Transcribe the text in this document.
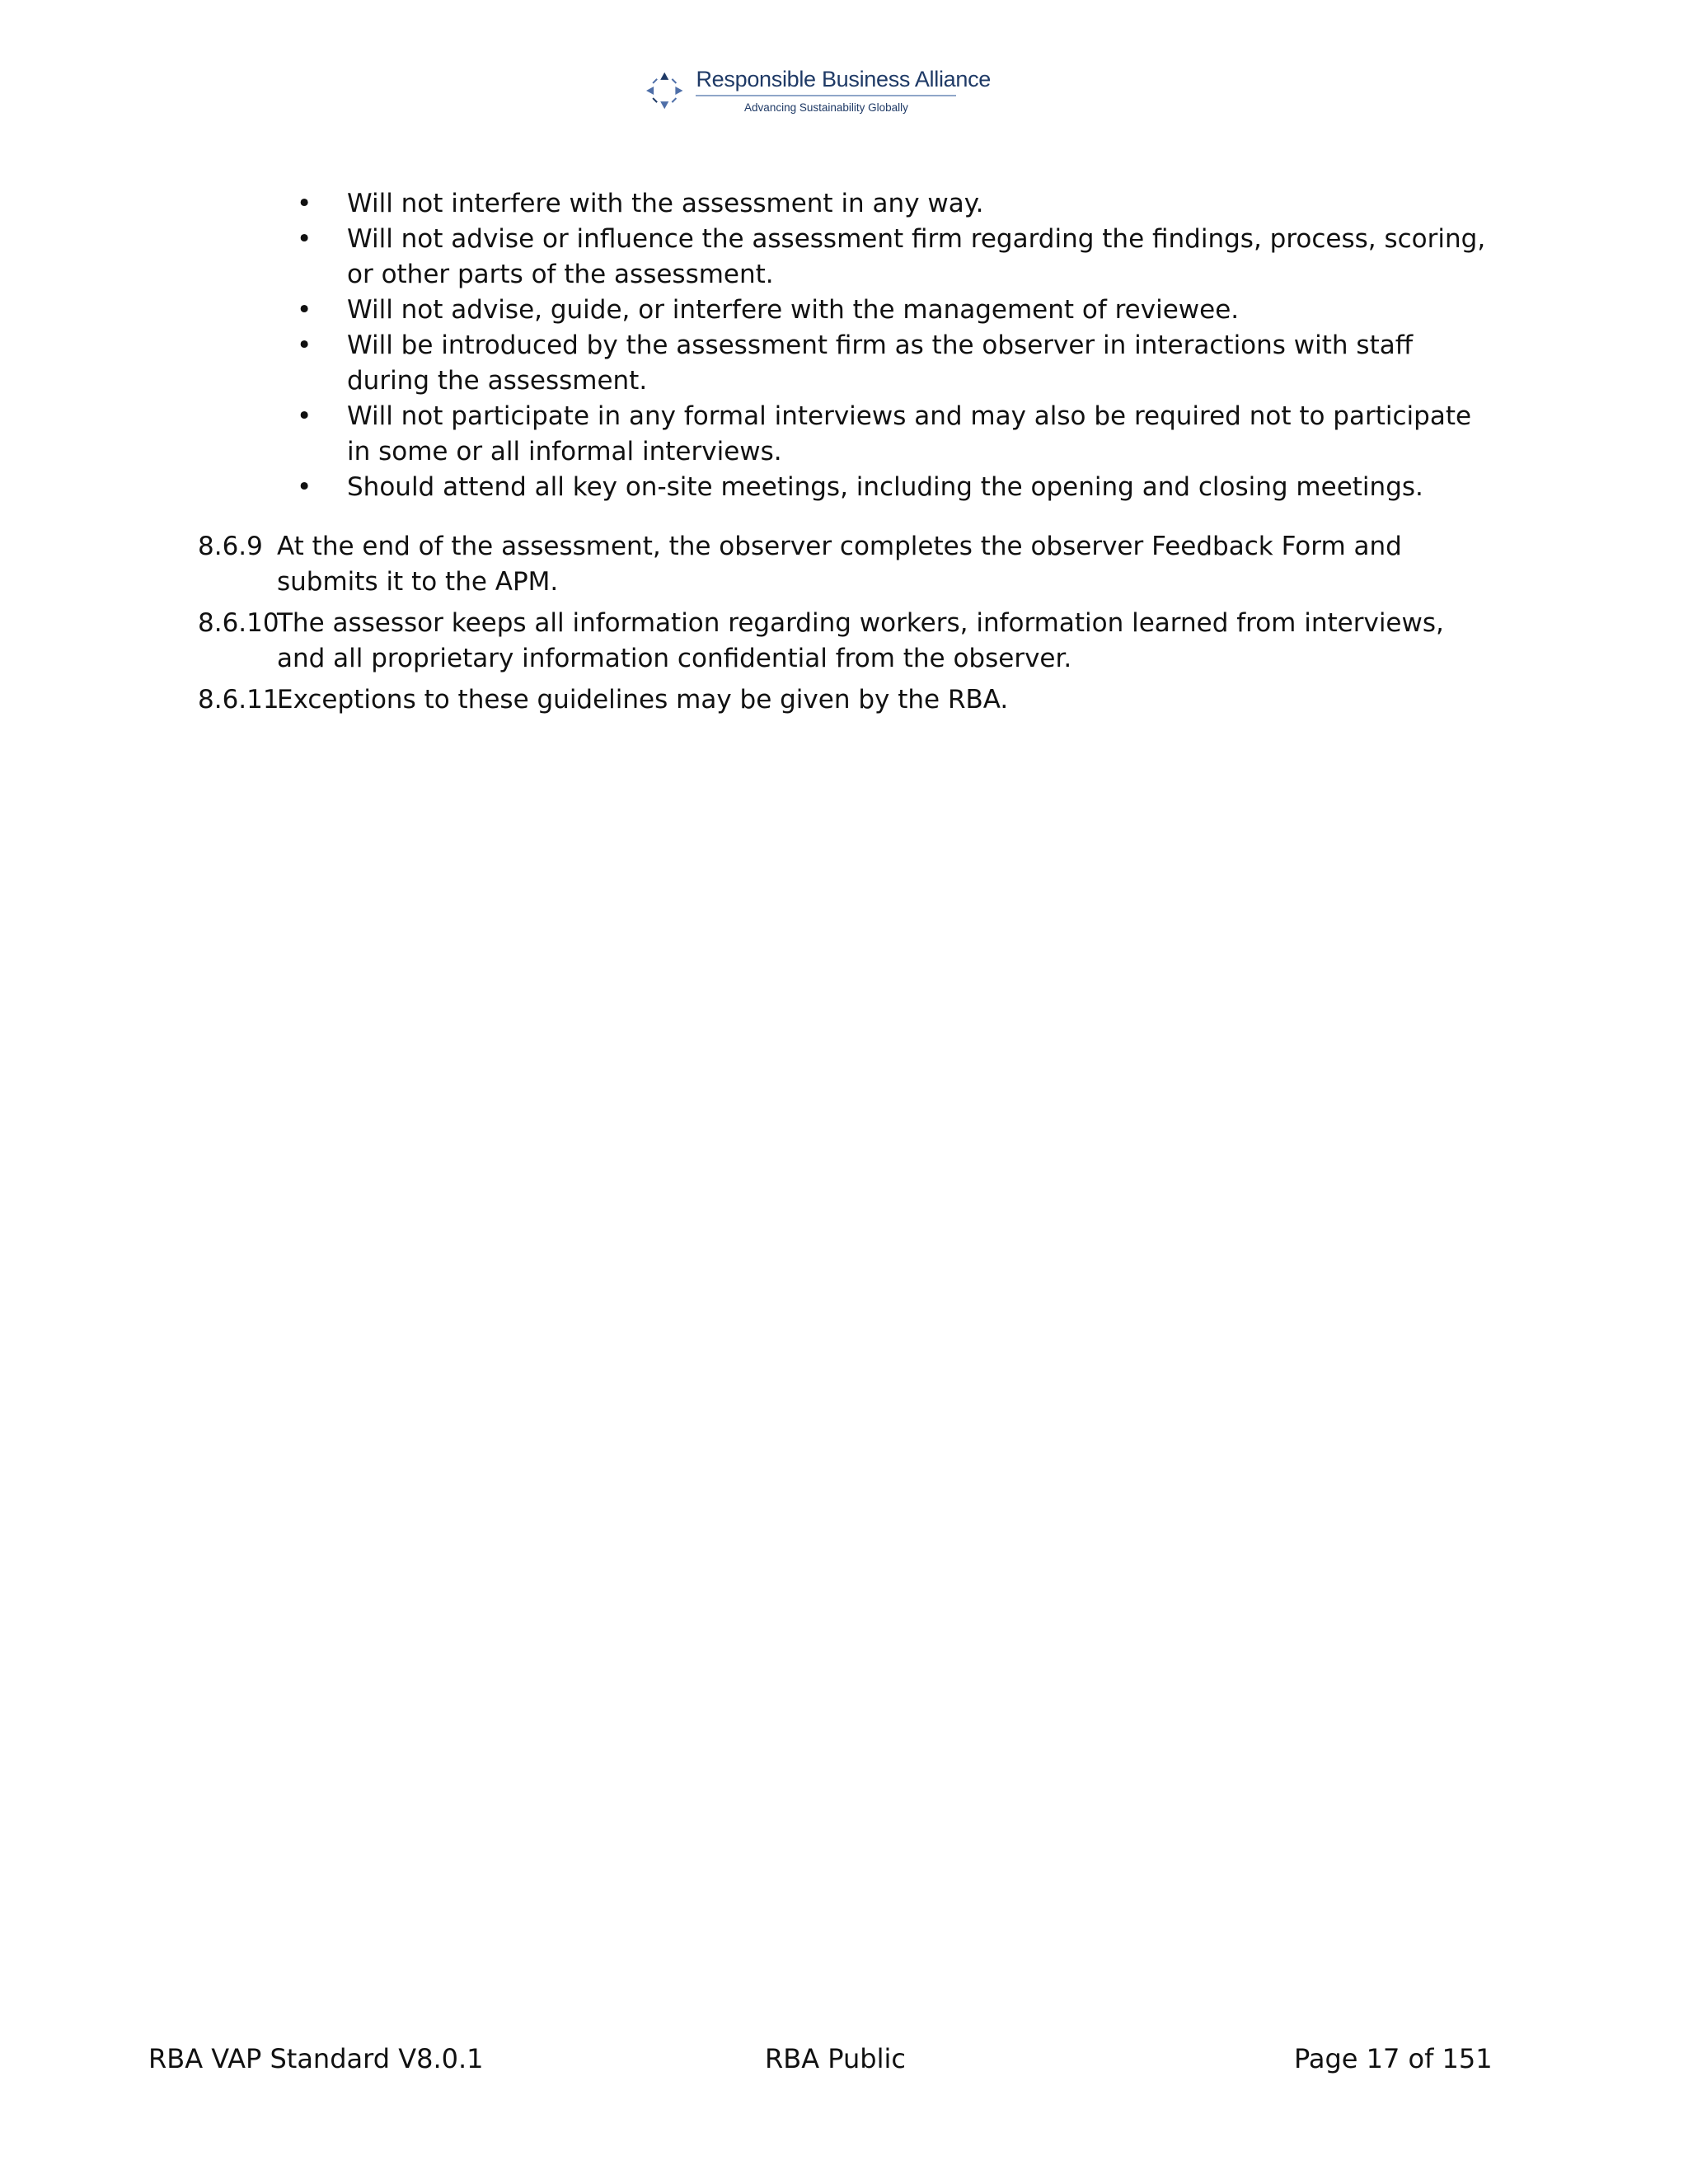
Responsible Business Alliance
Advancing Sustainability Globally
•	Will not interfere with the assessment in any way.
•	Will not advise or influence the assessment firm regarding the findings, process, scoring, or other parts of the assessment.
•	Will not advise, guide, or interfere with the management of reviewee.
•	Will be introduced by the assessment firm as the observer in interactions with staff during the assessment.
•	Will not participate in any formal interviews and may also be required not to participate in some or all informal interviews.
•	Should attend all key on-site meetings, including the opening and closing meetings.
8.6.9 At the end of the assessment, the observer completes the observer Feedback Form and submits it to the APM.
8.6.10
The assessor keeps all information regarding workers, information learned from interviews, and all proprietary information confidential from the observer.
8.6.11
Exceptions to these guidelines may be given by the RBA.
RBA VAP Standard V8.0.1	RBA Public	Page 17 of 151
